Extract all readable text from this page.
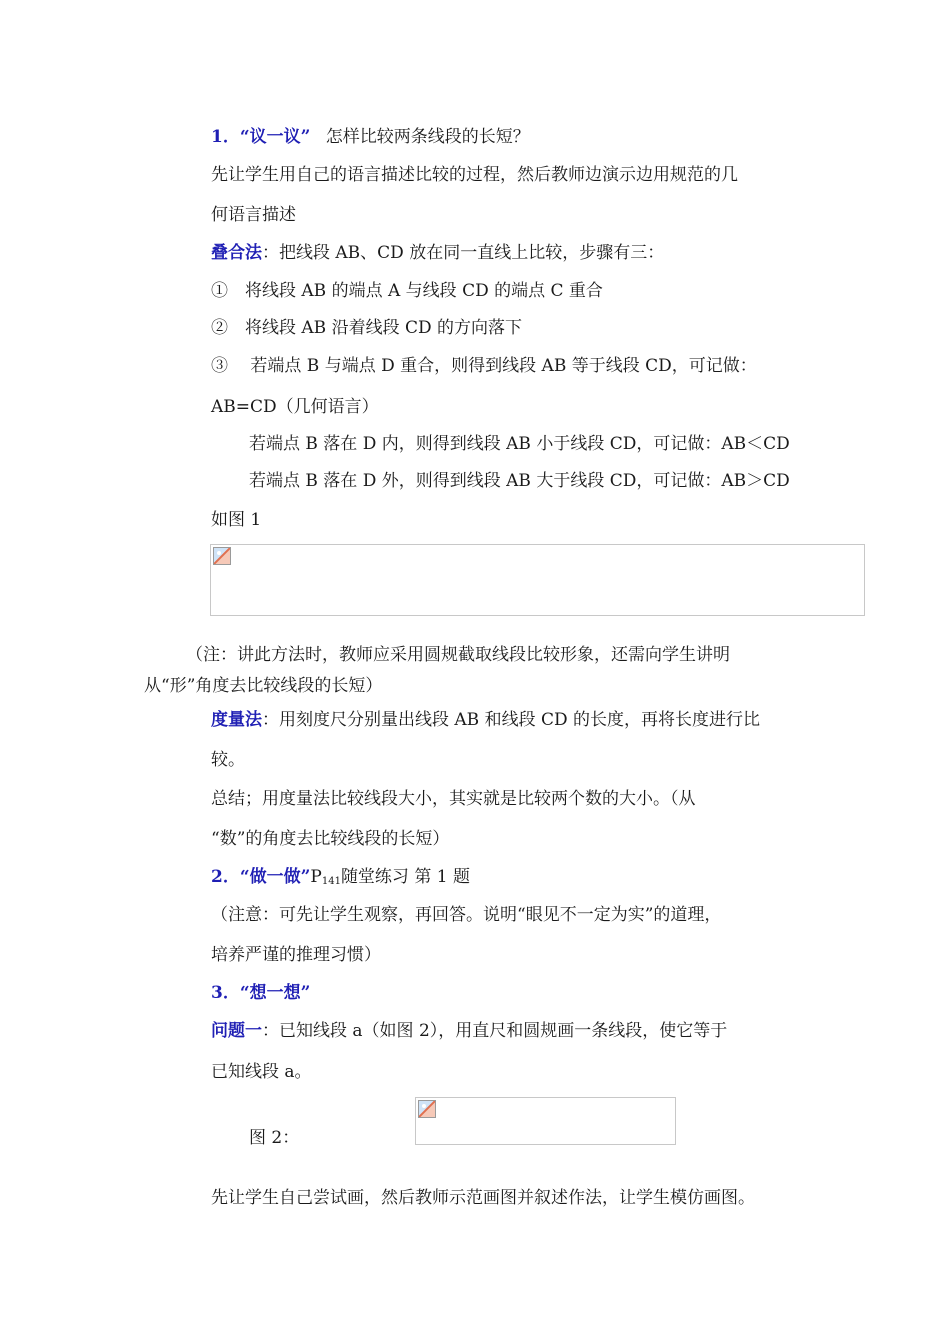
1．“议一议” 怎样比较两条线段的长短？
先让学生用自己的语言描述比较的过程，然后教师边演示边用规范的几
何语言描述
叠合法：把线段 AB、CD 放在同一直线上比较，步骤有三：
①　将线段 AB 的端点 A 与线段 CD 的端点 C 重合
②　将线段 AB 沿着线段 CD 的方向落下
③　 若端点 B 与端点 D 重合，则得到线段 AB 等于线段 CD，可记做：
AB=CD（几何语言）
若端点 B 落在 D 内，则得到线段 AB 小于线段 CD，可记做：AB＜CD
若端点 B 落在 D 外，则得到线段 AB 大于线段 CD，可记做：AB＞CD
如图 1
（注：讲此方法时，教师应采用圆规截取线段比较形象，还需向学生讲明
从“形”角度去比较线段的长短）
度量法：用刻度尺分别量出线段 AB 和线段 CD 的长度，再将长度进行比
较。
总结；用度量法比较线段大小，其实就是比较两个数的大小。（从
“数”的角度去比较线段的长短）
2．“做一做$”P_{141}$随堂练习 第 1 题
（注意：可先让学生观察，再回答。说明“眼见不一定为实”的道理，
培养严谨的推理习惯）
3．“想一想”
问题一：已知线段 a（如图 2），用直尺和圆规画一条线段，使它等于
已知线段 a。
图 2：
先让学生自己尝试画，然后教师示范画图并叙述作法，让学生模仿画图。
